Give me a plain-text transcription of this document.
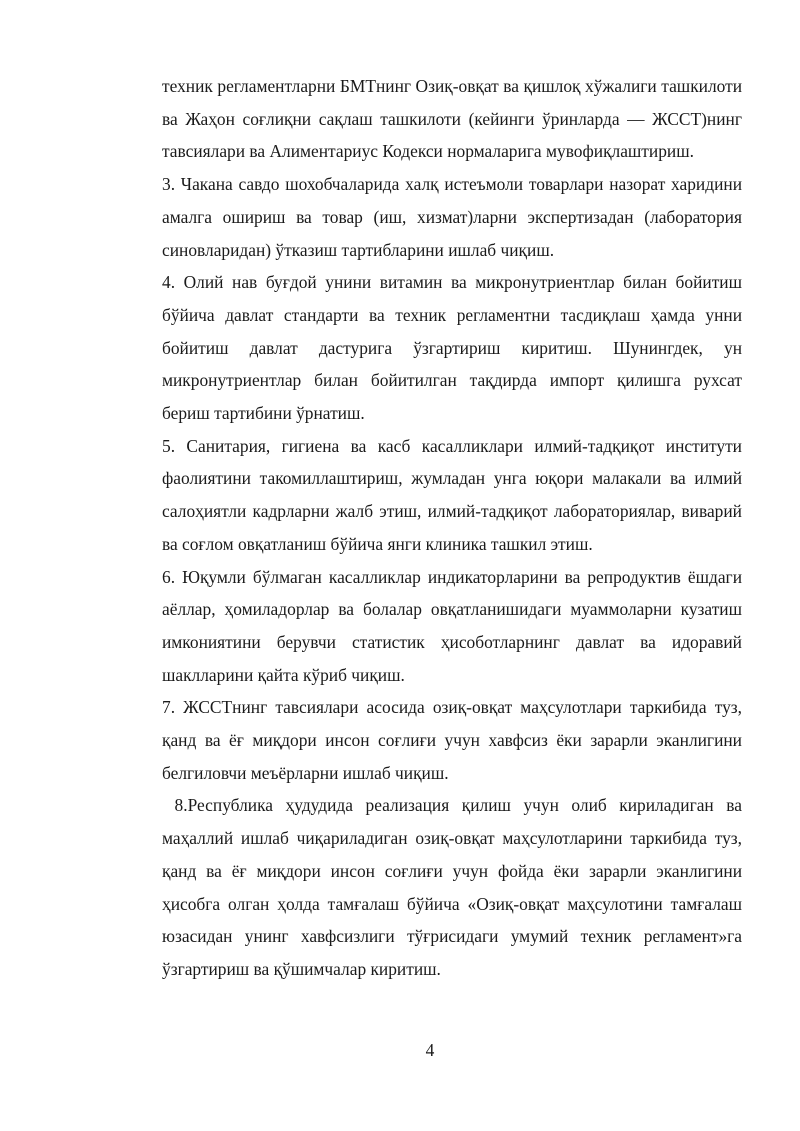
техник регламентларни БМТнинг Озиқ-овқат ва қишлоқ хўжалиги ташкилоти ва Жаҳон соғлиқни сақлаш ташкилоти (кейинги ўринларда — ЖССТ)нинг тавсиялари ва Алиментариус Кодекси нормаларига мувофиқлаштириш.

3. Чакана савдо шохобчаларида халқ истеъмоли товарлари назорат харидини амалга ошириш ва товар (иш, хизмат)ларни экспертизадан (лаборатория синовларидан) ўтказиш тартибларини ишлаб чиқиш.

4. Олий нав буғдой унини витамин ва микронутриентлар билан бойитиш бўйича давлат стандарти ва техник регламентни тасдиқлаш ҳамда унни бойитиш давлат дастурига ўзгартириш киритиш. Шунингдек, ун микронутриентлар билан бойитилган тақдирда импорт қилишга рухсат бериш тартибини ўрнатиш.

5. Санитария, гигиена ва касб касалликлари илмий-тадқиқот институти фаолиятини такомиллаштириш, жумладан унга юқори малакали ва илмий салоҳиятли кадрларни жалб этиш, илмий-тадқиқот лабораториялар, виварий ва соғлом овқатланиш бўйича янги клиника ташкил этиш.

6. Юқумли бўлмаган касалликлар индикаторларини ва репродуктив ёшдаги аёллар, ҳомиладорлар ва болалар овқатланишидаги муаммоларни кузатиш имкониятини берувчи статистик ҳисоботларнинг давлат ва идоравий шаклларини қайта кўриб чиқиш.

7. ЖССТнинг тавсиялари асосида озиқ-овқат маҳсулотлари таркибида туз, қанд ва ёғ миқдори инсон соғлиғи учун хавфсиз ёки зарарли эканлигини белгиловчи меъёрларни ишлаб чиқиш.

8.Республика ҳудудида реализация қилиш учун олиб кириладиган ва маҳаллий ишлаб чиқариладиган озиқ-овқат маҳсулотларини таркибида туз, қанд ва ёғ миқдори инсон соғлиғи учун фойда ёки зарарли эканлигини ҳисобга олган ҳолда тамғалаш бўйича «Озиқ-овқат маҳсулотини тамғалаш юзасидан унинг хавфсизлиги тўғрисидаги умумий техник регламент»га ўзгартириш ва қўшимчалар киритиш.

4
